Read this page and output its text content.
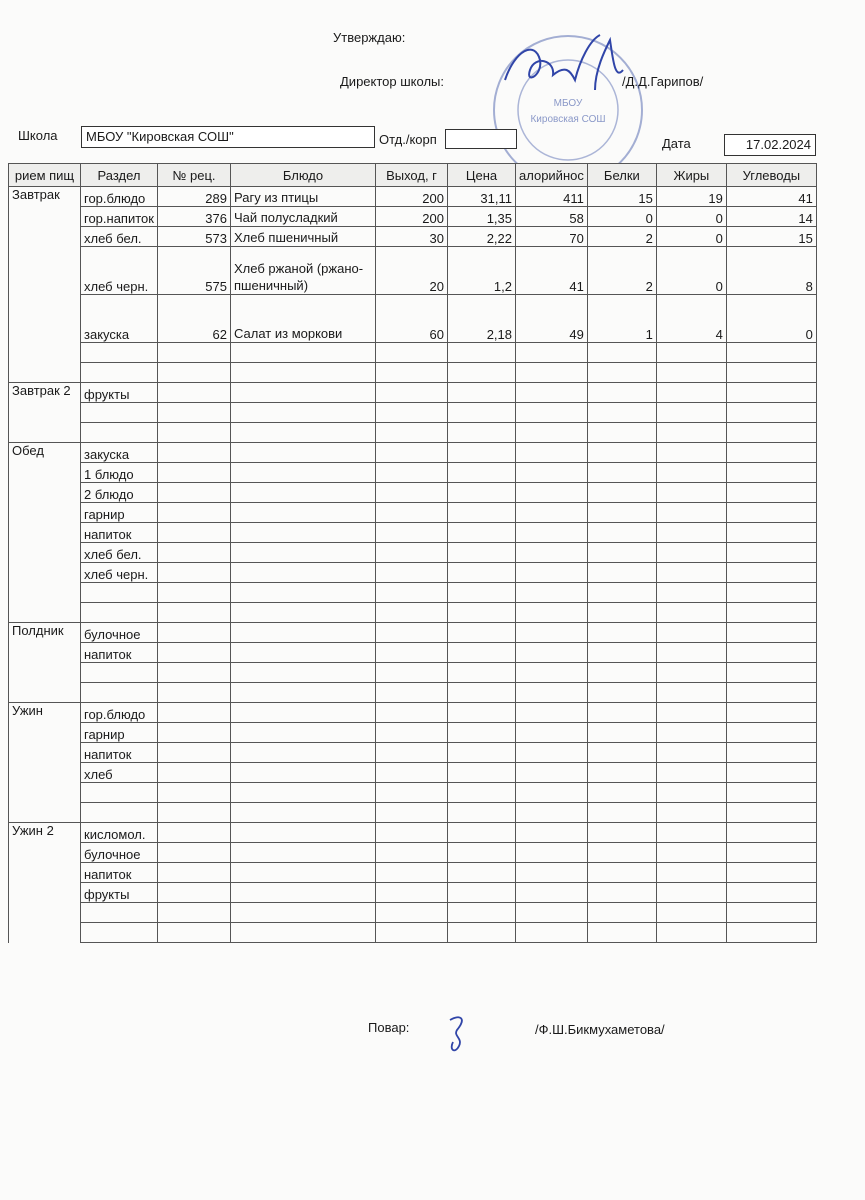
Утверждаю:
Директор школы:	/Д.Д.Гарипов/
МБОУ
Кировская СОШ
Школа МБОУ "Кировская СОШ"	Отд./корп	Дата	17.02.2024
рием пищ	Раздел	№ рец.	Блюдо	Выход, г	Цена	алорийнос	Белки	Жиры	Углеводы
Завтрак	гор.блюдо	289	Рагу из птицы	200	31,11	411	15	19	41
	гор.напиток	376	Чай полусладкий	200	1,35	58	0	0	14
	хлеб бел.	573	Хлеб пшеничный	30	2,22	70	2	0	15
	хлеб черн.	575	Хлеб ржаной (ржано-пшеничный)	20	1,2	41	2	0	8
	закуска	62	Салат из моркови	60	2,18	49	1	4	0

Завтрак 2	фрукты								

Обед	закуска								
	1 блюдо								
	2 блюдо								
	гарнир								
	напиток								
	хлеб бел.								
	хлеб черн.								

Полдник	булочное								
	напиток								

Ужин	гор.блюдо								
	гарнир								
	напиток								
	хлеб								

Ужин 2	кисломол.								
	булочное								
	напиток								
	фрукты								

Повар:	/Ф.Ш.Бикмухаметова/
